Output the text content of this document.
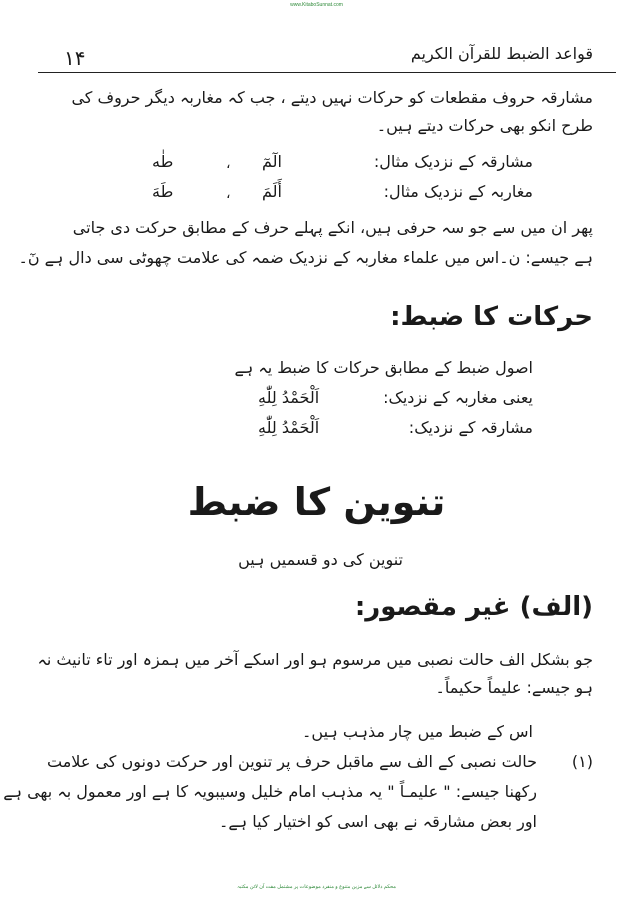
www.KitaboSunnat.com
۱۴	قواعد الضبط للقرآن الكريم
مشارقہ حروف مقطعات کو حرکات نہیں دیتے ، جب کہ مغاربہ دیگر حروف کی
طرح انکو بھی حرکات دیتے ہیں۔
مشارقہ کے نزدیک مثال:
الٓمٓ
،
طٰه
مغاربہ کے نزدیک مثال:
أَلَمَ
،
طَهَ
پھر ان میں سے جو سہ حرفی ہیں، انکے پہلے حرف کے مطابق حرکت دی جاتی
ہے جیسے: ن۔اس میں علماء مغاربہ کے نزدیک ضمہ کی علامت چھوٹی سی دال ہے نٓ۔
حرکات کا ضبط:
اصول ضبط کے مطابق حرکات کا ضبط یہ ہے
یعنی مغاربہ کے نزدیک:
اَلْحَمْدُ لِلّٰهِ
مشارقہ کے نزدیک:
اَلْحَمْدُ لِلّٰهِ
تنوین کا ضبط
تنوین کی دو قسمیں ہیں
(الف) غیر مقصور:
جو بشکل الف حالت نصبی میں مرسوم ہو اور اسکے آخر میں ہمزہ اور تاء تانیث نہ
ہو جیسے: علیماً حکیماً۔
اس کے ضبط میں چار مذہب ہیں۔
(۱)
حالت نصبی کے الف سے ماقبل حرف پر تنوین اور حرکت دونوں کی علامت
رکھنا جیسے: " علیمـاً " یہ مذہب امام خلیل وسیبویہ کا ہے اور معمول بہ بھی ہے
اور بعض مشارقہ نے بھی اسی کو اختیار کیا ہے۔
محکم دلائل سے مزین متنوع و منفرد موضوعات پر مشتمل مفت آن لائن مکتبہ
